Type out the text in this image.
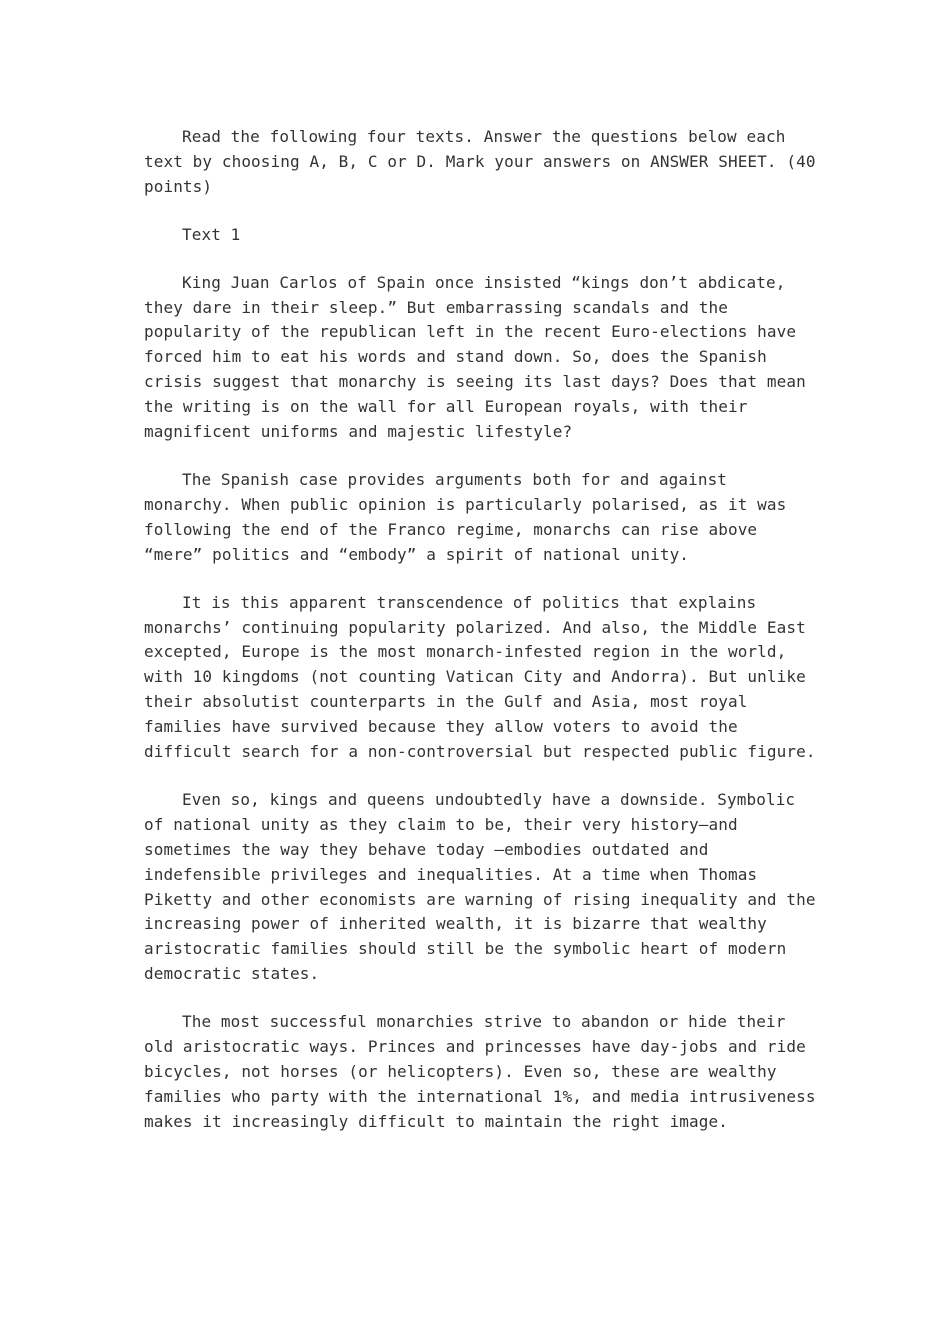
Read the following four texts. Answer the questions below each text by choosing A, B, C or D. Mark your answers on ANSWER SHEET. (40 points)

Text 1

King Juan Carlos of Spain once insisted “kings don’t abdicate, they dare in their sleep.” But embarrassing scandals and the popularity of the republican left in the recent Euro-elections have forced him to eat his words and stand down. So, does the Spanish crisis suggest that monarchy is seeing its last days? Does that mean the writing is on the wall for all European royals, with their magnificent uniforms and majestic lifestyle?

The Spanish case provides arguments both for and against monarchy. When public opinion is particularly polarised, as it was following the end of the Franco regime, monarchs can rise above “mere” politics and “embody” a spirit of national unity.

It is this apparent transcendence of politics that explains monarchs’ continuing popularity polarized. And also, the Middle East excepted, Europe is the most monarch-infested region in the world, with 10 kingdoms (not counting Vatican City and Andorra). But unlike their absolutist counterparts in the Gulf and Asia, most royal families have survived because they allow voters to avoid the difficult search for a non-controversial but respected public figure.

Even so, kings and queens undoubtedly have a downside. Symbolic of national unity as they claim to be, their very history—and sometimes the way they behave today –embodies outdated and indefensible privileges and inequalities. At a time when Thomas Piketty and other economists are warning of rising inequality and the increasing power of inherited wealth, it is bizarre that wealthy aristocratic families should still be the symbolic heart of modern democratic states.

The most successful monarchies strive to abandon or hide their old aristocratic ways. Princes and princesses have day-jobs and ride bicycles, not horses (or helicopters). Even so, these are wealthy families who party with the international 1%, and media intrusiveness makes it increasingly difficult to maintain the right image.
